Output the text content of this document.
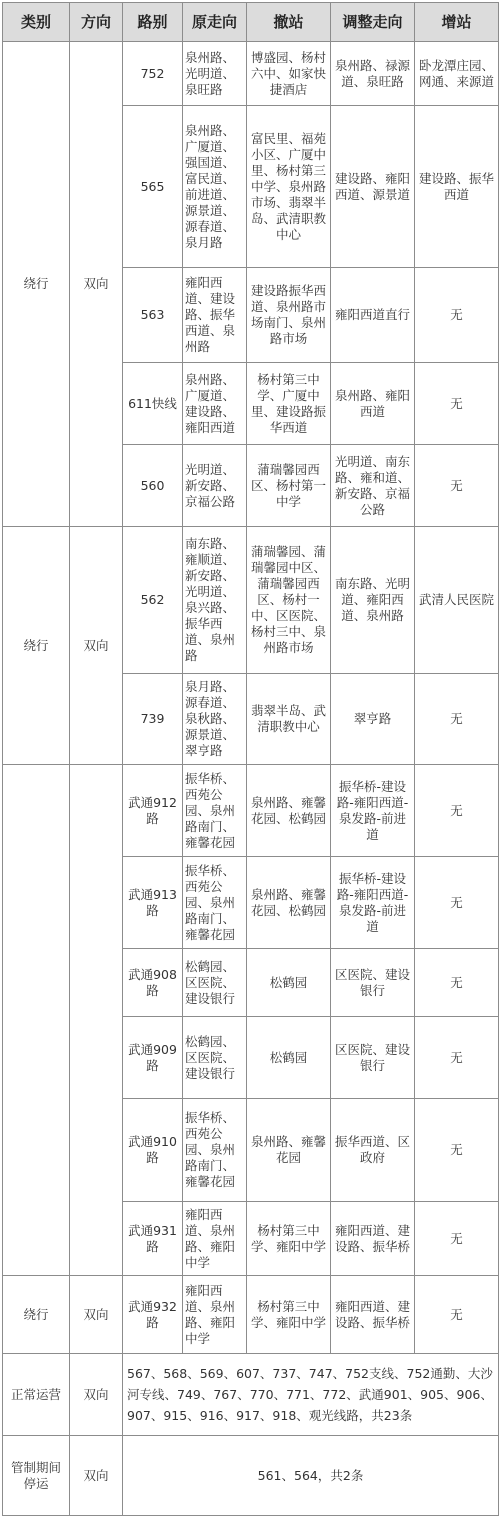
类别	方向	路别	原走向	撤站	调整走向	增站
绕行	双向	752	泉州路、光明道、泉旺路	博盛园、杨村六中、如家快捷酒店	泉州路、禄源道、泉旺路	卧龙潭庄园、网通、来源道
		565	泉州路、广厦道、强国道、富民道、前进道、源景道、源春道、泉月路	富民里、福苑小区、广厦中里、杨村第三中学、泉州路市场、翡翠半岛、武清职教中心	建设路、雍阳西道、源景道	建设路、振华西道
		563	雍阳西道、建设路、振华西道、泉州路	建设路振华西道、泉州路市场南门、泉州路市场	雍阳西道直行	无
		611快线	泉州路、广厦道、建设路、雍阳西道	杨村第三中学、广厦中里、建设路振华西道	泉州路、雍阳西道	无
		560	光明道、新安路、京福公路	蒲瑞馨园西区、杨村第一中学	光明道、南东路、雍和道、新安路、京福公路	无
绕行	双向	562	南东路、雍顺道、新安路、光明道、泉兴路、振华西道、泉州路	蒲瑞馨园、蒲瑞馨园中区、蒲瑞馨园西区、杨村一中、区医院、杨村三中、泉州路市场	南东路、光明道、雍阳西道、泉州路	武清人民医院
		739	泉月路、源春道、泉秋路、源景道、翠亨路	翡翠半岛、武清职教中心	翠亨路	无
		武通912路	振华桥、西苑公园、泉州路南门、雍馨花园	泉州路、雍馨花园、松鹤园	振华桥-建设路-雍阳西道-泉发路-前进道	无
		武通913路	振华桥、西苑公园、泉州路南门、雍馨花园	泉州路、雍馨花园、松鹤园	振华桥-建设路-雍阳西道-泉发路-前进道	无
		武通908路	松鹤园、区医院、建设银行	松鹤园	区医院、建设银行	无
		武通909路	松鹤园、区医院、建设银行	松鹤园	区医院、建设银行	无
		武通910路	振华桥、西苑公园、泉州路南门、雍馨花园	泉州路、雍馨花园	振华西道、区政府	无
		武通931路	雍阳西道、泉州路、雍阳中学	杨村第三中学、雍阳中学	雍阳西道、建设路、振华桥	无
绕行	双向	武通932路	雍阳西道、泉州路、雍阳中学	杨村第三中学、雍阳中学	雍阳西道、建设路、振华桥	无
正常运营	双向	567、568、569、607、737、747、752支线、752通勤、大沙河专线、749、767、770、771、772、武通901、905、906、907、915、916、917、918、观光线路，共23条				
管制期间停运	双向	561、564，共2条				
